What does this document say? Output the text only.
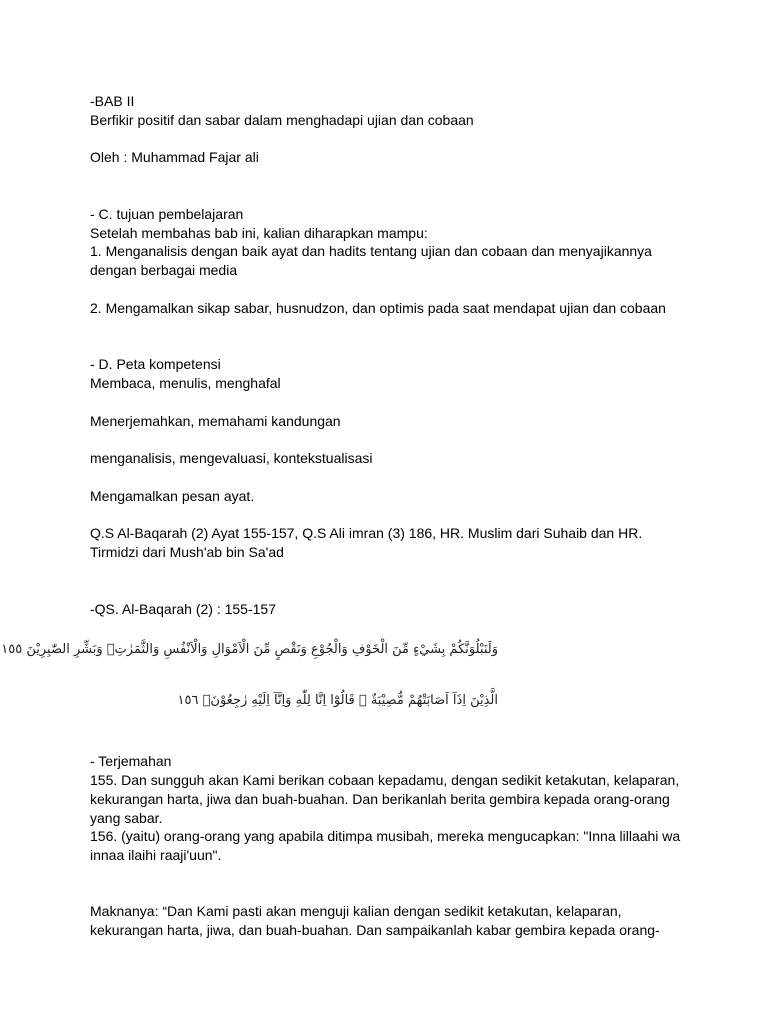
-BAB II

Berfikir positif dan sabar dalam menghadapi ujian dan cobaan

Oleh : Muhammad Fajar ali

- C. tujuan pembelajaran

Setelah membahas bab ini, kalian diharapkan mampu:

1. Menganalisis dengan baik ayat dan hadits tentang ujian dan cobaan dan menyajikannya dengan berbagai media

2. Mengamalkan sikap sabar, husnudzon, dan optimis pada saat mendapat ujian dan cobaan

- D. Peta kompetensi

Membaca, menulis, menghafal

Menerjemahkan, memahami kandungan

menganalisis, mengevaluasi, kontekstualisasi

Mengamalkan pesan ayat.

Q.S Al-Baqarah (2) Ayat 155-157, Q.S Ali imran (3) 186, HR. Muslim dari Suhaib dan HR. Tirmidzi dari Mush'ab bin Sa'ad

-QS. Al-Baqarah (2) : 155-157

وَلَنَبْلُوَنَّكُمْ بِشَيْءٍ مِّنَ الْخَوْفِ وَالْجُوْعِ وَنَقْصٍ مِّنَ الْاَمْوَالِ وَالْاَنْفُسِ وَالثَّمَرٰتِۗ وَبَشِّرِ الصّٰبِرِيْنَ ١٥٥

الَّذِيْنَ اِذَآ اَصَابَتْهُمْ مُّصِيْبَةٌ ۗ قَالُوْٓا اِنَّا لِلّٰهِ وَاِنَّآ اِلَيْهِ رٰجِعُوْنَۗ ١٥٦

- Terjemahan

155. Dan sungguh akan Kami berikan cobaan kepadamu, dengan sedikit ketakutan, kelaparan, kekurangan harta, jiwa dan buah-buahan. Dan berikanlah berita gembira kepada orang-orang yang sabar.

156. (yaitu) orang-orang yang apabila ditimpa musibah, mereka mengucapkan: "Inna lillaahi wa innaa ilaihi raaji'uun".

Maknanya: “Dan Kami pasti akan menguji kalian dengan sedikit ketakutan, kelaparan, kekurangan harta, jiwa, dan buah-buahan. Dan sampaikanlah kabar gembira kepada orang-
